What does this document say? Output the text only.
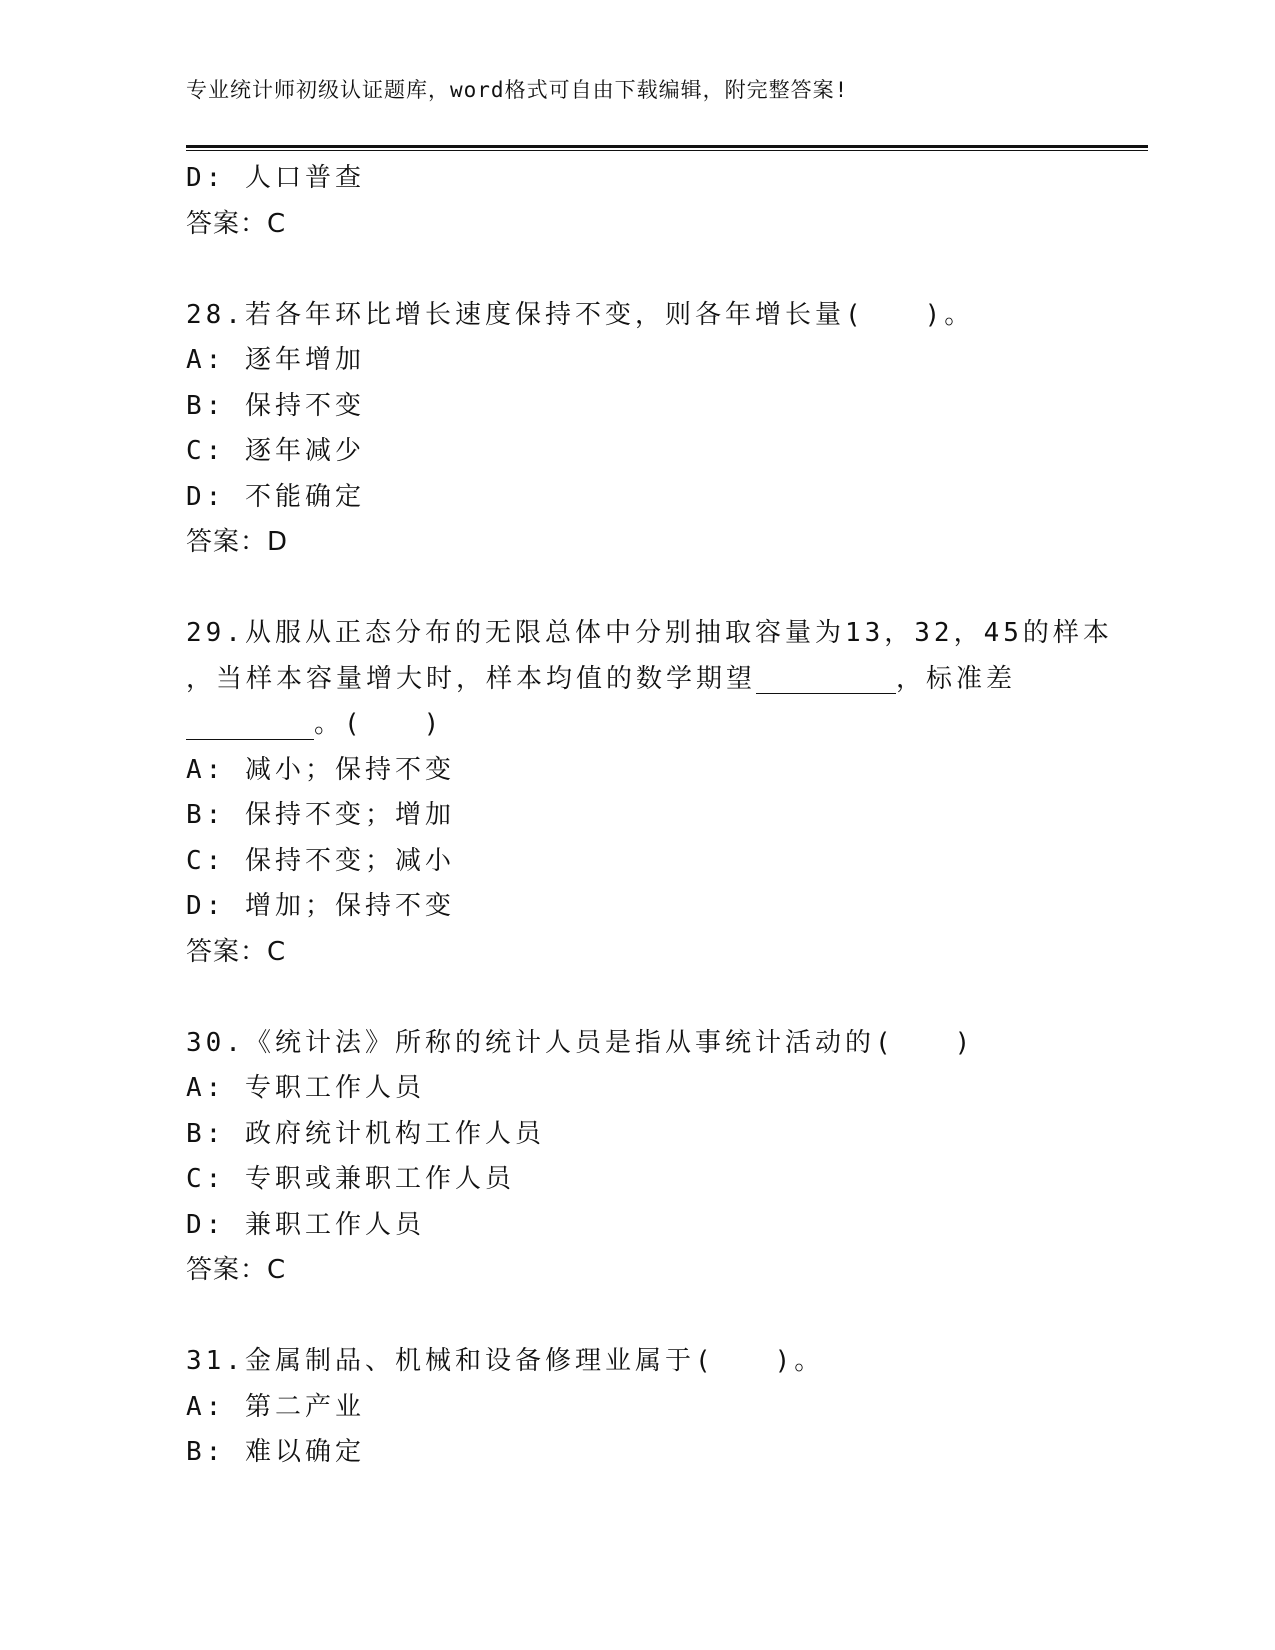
专业统计师初级认证题库，word格式可自由下载编辑，附完整答案!
D: 人口普查
答案：C
28.若各年环比增长速度保持不变，则各年增长量(　　)。
A: 逐年增加
B: 保持不变
C: 逐年减少
D: 不能确定
答案：D
29.从服从正态分布的无限总体中分别抽取容量为13，32，45的样本
，当样本容量增大时，样本均值的数学期望	，标准差
。(　　)
A: 减小；保持不变
B: 保持不变；增加
C: 保持不变；减小
D: 增加；保持不变
答案：C
30.《统计法》所称的统计人员是指从事统计活动的(　　)
A: 专职工作人员
B: 政府统计机构工作人员
C: 专职或兼职工作人员
D: 兼职工作人员
答案：C
31.金属制品、机械和设备修理业属于(　　)。
A: 第二产业
B: 难以确定
